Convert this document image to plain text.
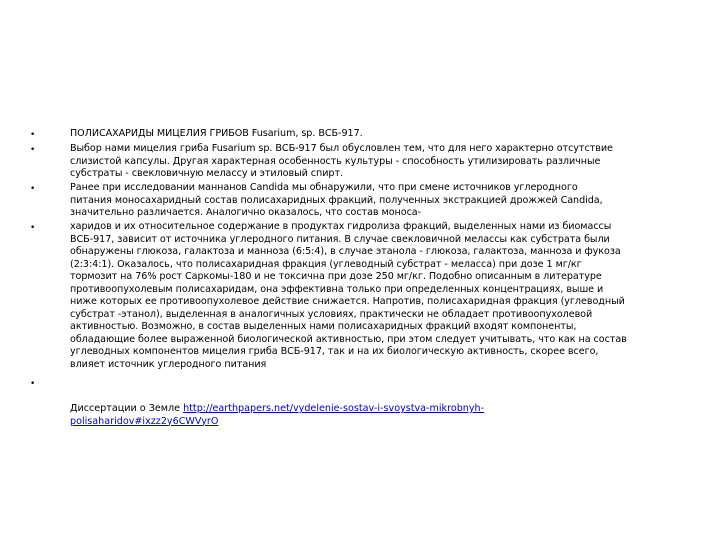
•
•
•
•
•
ПОЛИСАХАРИДЫ МИЦЕЛИЯ ГРИБОВ Fusarium, sp. ВСБ-917.
Выбор нами мицелия гриба Fusarium sp. ВСБ-917 был обусловлен тем, что для него характерно отсутствие
слизистой капсулы. Другая характерная особенность культуры - способность утилизировать различные
субстраты - свекловичную мелассу и этиловый спирт.
Ранее при исследовании маннанов Candida мы обнаружили, что при смене источников углеродного
питания моносахаридный состав полисахаридных фракций, полученных экстракцией дрожжей Candida,
значительно различается. Аналогично оказалось, что состав моноса-
харидов и их относительное содержание в продуктах гидролиза фракций, выделенных нами из биомассы
ВСБ-917, зависит от источника углеродного питания. В случае свекловичной мелассы как субстрата были
обнаружены глюкоза, галактоза и манноза (6:5:4), в случае этанола - глюкоза, галактоза, манноза и фукоза
(2:3:4:1). Оказалось, что полисахаридная фракция (углеводный субстрат - меласса) при дозе 1 мг/кг
тормозит на 76% рост Саркомы-180 и не токсична при дозе 250 мг/кг. Подобно описанным в литературе
противоопухолевым полисахаридам, она эффективна только при определенных концентрациях, выше и
ниже которых ее противоопухолевое действие снижается. Напротив, полисахаридная фракция (углеводный
субстрат -этанол), выделенная в аналогичных условиях, практически не обладает противоопухолевой
активностью. Возможно, в состав выделенных нами полисахаридных фракций входят компоненты,
обладающие более выраженной биологической активностью, при этом следует учитывать, что как на состав
углеводных компонентов мицелия гриба ВСБ-917, так и на их биологическую активность, скорее всего,
влияет источник углеродного питания
Диссертации о Земле http://earthpapers.net/vydelenie-sostav-i-svoystva-mikrobnyh-
polisaharidov#ixzz2y6CWVyrO
